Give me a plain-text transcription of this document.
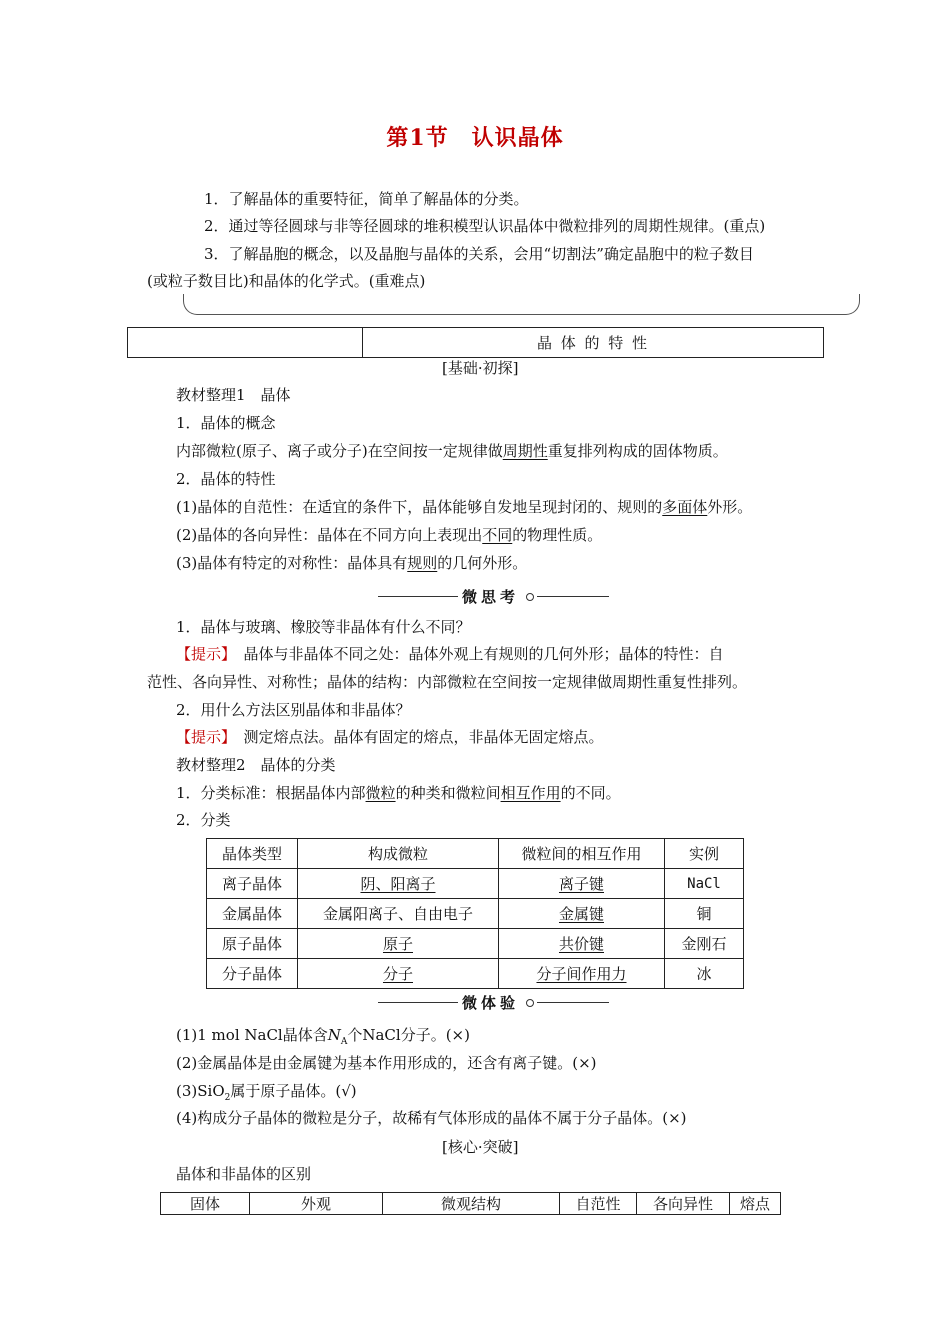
第1节　认识晶体
1．了解晶体的重要特征，简单了解晶体的分类。
2．通过等径圆球与非等径圆球的堆积模型认识晶体中微粒排列的周期性规律。(重点)
3．了解晶胞的概念，以及晶胞与晶体的关系，会用“切割法”确定晶胞中的粒子数目
(或粒子数目比)和晶体的化学式。(重难点)
	晶 体 的 特 性
[基础·初探]
教材整理1　晶体
1．晶体的概念
内部微粒(原子、离子或分子)在空间按一定规律做周期性重复排列构成的固体物质。
2．晶体的特性
(1)晶体的自范性：在适宜的条件下，晶体能够自发地呈现封闭的、规则的多面体外形。
(2)晶体的各向异性：晶体在不同方向上表现出不同的物理性质。
(3)晶体有特定的对称性：晶体具有规则的几何外形。
微思考
1．晶体与玻璃、橡胶等非晶体有什么不同？
【提示】　晶体与非晶体不同之处：晶体外观上有规则的几何外形；晶体的特性：自
范性、各向异性、对称性；晶体的结构：内部微粒在空间按一定规律做周期性重复性排列。
2．用什么方法区别晶体和非晶体？
【提示】　测定熔点法。晶体有固定的熔点，非晶体无固定熔点。
教材整理2　晶体的分类
1．分类标准：根据晶体内部微粒的种类和微粒间相互作用的不同。
2．分类
晶体类型	构成微粒	微粒间的相互作用	实例
离子晶体	阴、阳离子	离子键	NaCl
金属晶体	金属阳离子、自由电子	金属键	铜
原子晶体	原子	共价键	金刚石
分子晶体	分子	分子间作用力	冰
微体验
(1)1 mol NaCl晶体含$N_A$个NaCl分子。(×)
(2)金属晶体是由金属键为基本作用形成的，还含有离子键。(×)
(3)SiO$_2$属于原子晶体。(√)
(4)构成分子晶体的微粒是分子，故稀有气体形成的晶体不属于分子晶体。(×)
[核心·突破]
晶体和非晶体的区别
固体	外观	微观结构	自范性	各向异性	熔点
